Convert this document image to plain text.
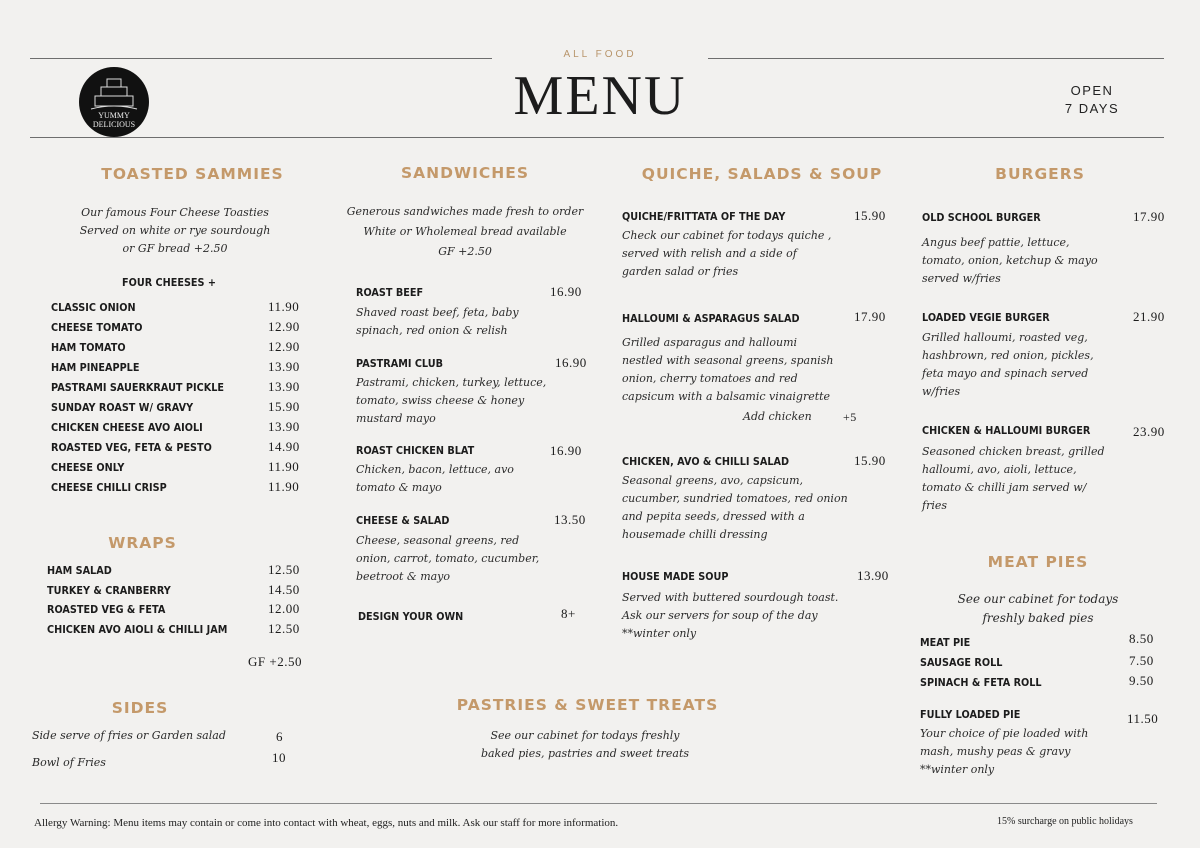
YUMMY
DELICIOUS
ALL FOOD
MENU	OPEN
7 DAYS
TOASTED SAMMIES
Our famous Four Cheese Toasties
Served on white or rye sourdough
or GF bread +2.50
FOUR CHEESES +
CLASSIC ONION	11.90
CHEESE TOMATO	12.90
HAM TOMATO	12.90
HAM PINEAPPLE	13.90
PASTRAMI SAUERKRAUT PICKLE	13.90
SUNDAY ROAST W/ GRAVY	15.90
CHICKEN CHEESE AVO AIOLI	13.90
ROASTED VEG, FETA & PESTO	14.90
CHEESE ONLY	11.90
CHEESE CHILLI CRISP	11.90
WRAPS
HAM SALAD	12.50
TURKEY & CRANBERRY	14.50
ROASTED VEG & FETA	12.00
CHICKEN AVO AIOLI & CHILLI JAM	12.50
GF +2.50
SIDES
Side serve of fries or Garden salad	6
Bowl of Fries	10
SANDWICHES
Generous sandwiches made fresh to order
White or Wholemeal bread available
GF +2.50
ROAST BEEF	16.90
Shaved roast beef, feta, baby
spinach, red onion & relish
PASTRAMI CLUB	16.90
Pastrami, chicken, turkey, lettuce,
tomato, swiss cheese & honey
mustard mayo
ROAST CHICKEN BLAT	16.90
Chicken, bacon, lettuce, avo
tomato & mayo
CHEESE & SALAD	13.50
Cheese, seasonal greens, red
onion, carrot, tomato, cucumber,
beetroot & mayo
DESIGN YOUR OWN	8+
QUICHE, SALADS & SOUP
QUICHE/FRITTATA OF THE DAY	15.90
Check our cabinet for todays quiche ,
served with relish and a side of
garden salad or fries
HALLOUMI & ASPARAGUS SALAD	17.90
Grilled asparagus and halloumi
nestled with seasonal greens, spanish
onion, cherry tomatoes and red
capsicum with a balsamic vinaigrette
Add chicken	+5
CHICKEN, AVO & CHILLI SALAD	15.90
Seasonal greens, avo, capsicum,
cucumber, sundried tomatoes, red onion
and pepita seeds, dressed with a
housemade chilli dressing
HOUSE MADE SOUP	13.90
Served with buttered sourdough toast.
Ask our servers for soup of the day
**winter only
PASTRIES & SWEET TREATS
See our cabinet for todays freshly
baked pies, pastries and sweet treats
BURGERS
OLD SCHOOL BURGER	17.90
Angus beef pattie, lettuce,
tomato, onion, ketchup & mayo
served w/fries
LOADED VEGIE BURGER	21.90
Grilled halloumi, roasted veg,
hashbrown, red onion, pickles,
feta mayo and spinach served
w/fries
CHICKEN & HALLOUMI BURGER	23.90
Seasoned chicken breast, grilled
halloumi, avo, aioli, lettuce,
tomato & chilli jam served w/
fries
MEAT PIES
See our cabinet for todays
freshly baked pies
MEAT PIE	8.50
SAUSAGE ROLL	7.50
SPINACH & FETA ROLL	9.50
FULLY LOADED PIE	11.50
Your choice of pie loaded with
mash, mushy peas & gravy
**winter only
Allergy Warning: Menu items may contain or come into contact with wheat, eggs, nuts and milk. Ask our staff for more information.	15% surcharge on public holidays
